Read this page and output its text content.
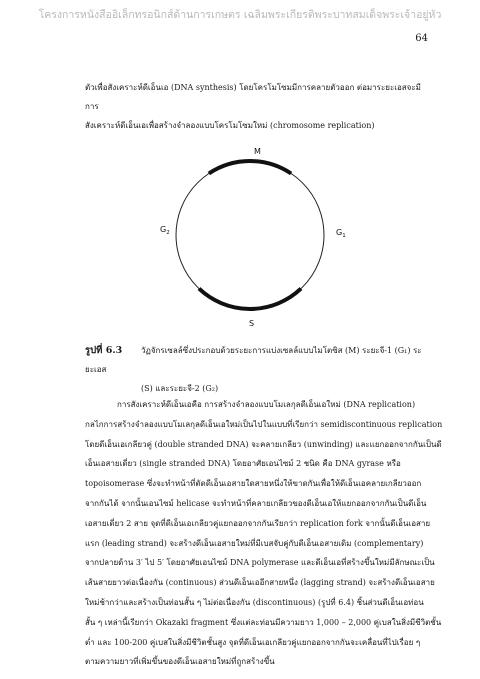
โครงการหนังสืออิเล็กทรอนิกส์ด้านการเกษตร เฉลิมพระเกียรติพระบาทสมเด็จพระเจ้าอยู่หัว
64

ตัวเพื่อสังเคราะห์ดีเอ็นเอ (DNA synthesis) โดยโครโมโซมมีการคลายตัวออก ต่อมาระยะเอสจะมีการ

สังเคราะห์ดีเอ็นเอเพื่อสร้างจำลองแบบโครโมโซมใหม่ (chromosome replication)

M
$G_1$
$G_2$
S
รูปที่ 6.3 วัฏจักรเซลล์ซึ่งประกอบด้วยระยะการแบ่งเซลล์แบบไมโตซิส (M) ระยะจี-1 (G₁) ระยะเอส
(S) และระยะจี-2 (G₂)
การสังเคราะห์ดีเอ็นเอคือ การสร้างจำลองแบบโมเลกุลดีเอ็นเอใหม่ (DNA replication)
กลไกการสร้างจำลองแบบโมเลกุลดีเอ็นเอใหม่เป็นไปในแบบที่เรียกว่า semidiscontinuous replication
โดยดีเอ็นเอเกลียวคู่ (double stranded DNA) จะคลายเกลียว (unwinding) และแยกออกจากกันเป็นดี
เอ็นเอสายเดี่ยว (single stranded DNA) โดยอาศัยเอนไซม์ 2 ชนิด คือ DNA gyrase หรือ
topoisomerase ซึ่งจะทำหน้าที่ตัดดีเอ็นเอสายใดสายหนึ่งให้ขาดกันเพื่อให้ดีเอ็นเอคลายเกลียวออก
จากกันได้ จากนั้นเอนไซม์ helicase จะทำหน้าที่คลายเกลียวของดีเอ็นเอให้แยกออกจากกันเป็นดีเอ็น
เอสายเดี่ยว 2 สาย จุดที่ดีเอ็นเอเกลียวคู่แยกออกจากกันเรียกว่า replication fork จากนั้นดีเอ็นเอสาย
แรก (leading strand) จะสร้างดีเอ็นเอสายใหม่ที่มีเบสจับคู่กับดีเอ็นเอสายเดิม (complementary)
จากปลายด้าน 3′ ไป 5′ โดยอาศัยเอนไซม์ DNA polymerase และดีเอ็นเอที่สร้างขึ้นใหม่มีลักษณะเป็น
เส้นสายยาวต่อเนื่องกัน (continuous) ส่วนดีเอ็นเออีกสายหนึ่ง (lagging strand) จะสร้างดีเอ็นเอสาย
ใหม่ช้ากว่าและสร้างเป็นท่อนสั้น ๆ ไม่ต่อเนื่องกัน (discontinuous) (รูปที่ 6.4) ชิ้นส่วนดีเอ็นเอท่อน
สั้น ๆ เหล่านี้เรียกว่า Okazaki fragment ซึ่งแต่ละท่อนมีความยาว 1,000 – 2,000 คู่เบสในสิ่งมีชีวิตชั้น
ต่ำ และ 100-200 คู่เบสในสิ่งมีชีวิตชั้นสูง จุดที่ดีเอ็นเอเกลียวคู่แยกออกจากกันจะเคลื่อนที่ไปเรื่อย ๆ
ตามความยาวที่เพิ่มขึ้นของดีเอ็นเอสายใหม่ที่ถูกสร้างขึ้น
